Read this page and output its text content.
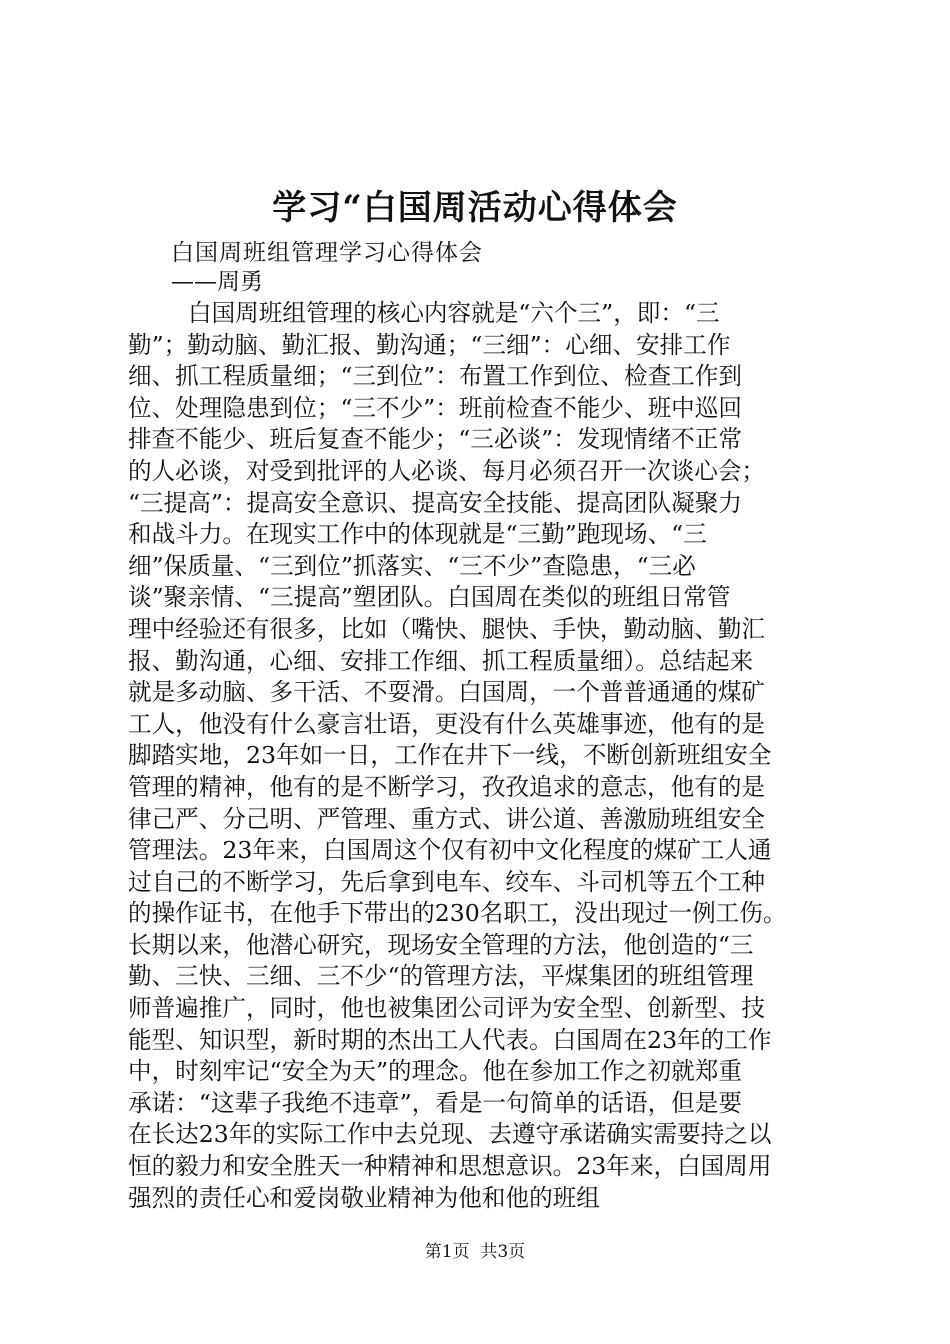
学习“白国周活动心得体会
白国周班组管理学习心得体会
——周勇
白国周班组管理的核心内容就是“六个三”，即：“三
勤”；勤动脑、勤汇报、勤沟通；“三细”：心细、安排工作
细、抓工程质量细；“三到位”：布置工作到位、检查工作到
位、处理隐患到位；“三不少”：班前检查不能少、班中巡回
排查不能少、班后复查不能少；“三必谈”：发现情绪不正常
的人必谈，对受到批评的人必谈、每月必须召开一次谈心会；
“三提高”：提高安全意识、提高安全技能、提高团队凝聚力
和战斗力。在现实工作中的体现就是“三勤”跑现场、“三
细”保质量、“三到位”抓落实、“三不少”查隐患，“三必
谈”聚亲情、“三提高”塑团队。白国周在类似的班组日常管
理中经验还有很多，比如（嘴快、腿快、手快，勤动脑、勤汇
报、勤沟通，心细、安排工作细、抓工程质量细）。总结起来
就是多动脑、多干活、不耍滑。白国周，一个普普通通的煤矿
工人，他没有什么豪言壮语，更没有什么英雄事迹，他有的是
脚踏实地，23年如一日，工作在井下一线，不断创新班组安全
管理的精神，他有的是不断学习，孜孜追求的意志，他有的是
律己严、分己明、严管理、重方式、讲公道、善激励班组安全
管理法。23年来，白国周这个仅有初中文化程度的煤矿工人通
过自己的不断学习，先后拿到电车、绞车、斗司机等五个工种
的操作证书，在他手下带出的230名职工，没出现过一例工伤。
长期以来，他潜心研究，现场安全管理的方法，他创造的“三
勤、三快、三细、三不少“的管理方法，平煤集团的班组管理
师普遍推广，同时，他也被集团公司评为安全型、创新型、技
能型、知识型，新时期的杰出工人代表。白国周在23年的工作
中，时刻牢记“安全为天”的理念。他在参加工作之初就郑重
承诺：“这辈子我绝不违章”，看是一句简单的话语，但是要
在长达23年的实际工作中去兑现、去遵守承诺确实需要持之以
恒的毅力和安全胜天一种精神和思想意识。23年来，白国周用
强烈的责任心和爱岗敬业精神为他和他的班组
第1页  共3页
